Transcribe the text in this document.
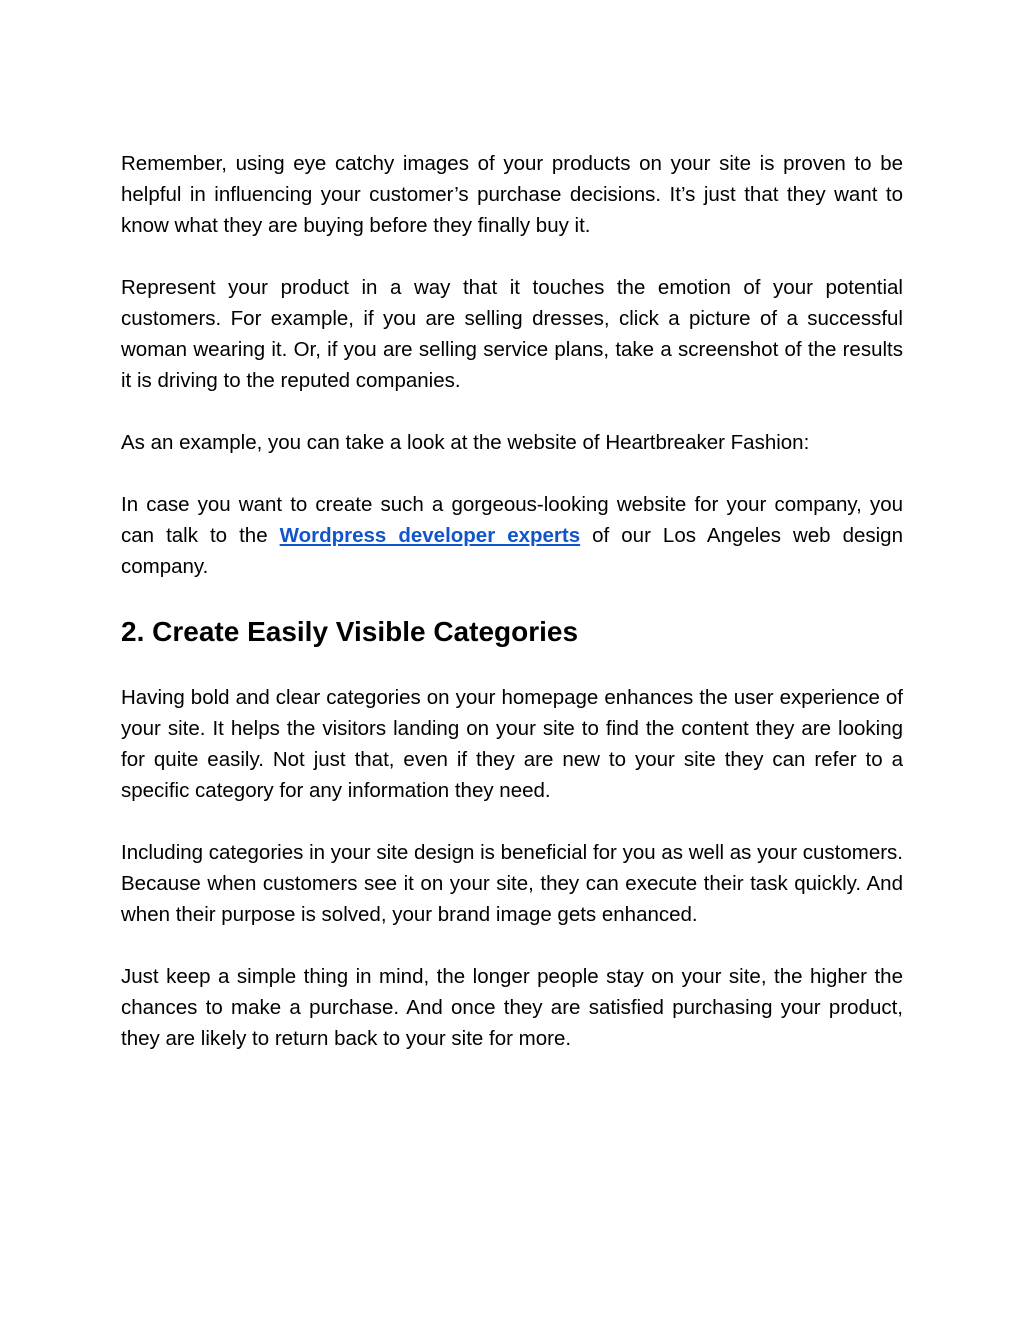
Remember, using eye catchy images of your products on your site is proven to be helpful in influencing your customer’s purchase decisions. It’s just that they want to know what they are buying before they finally buy it.

Represent your product in a way that it touches the emotion of your potential customers. For example, if you are selling dresses, click a picture of a successful woman wearing it. Or, if you are selling service plans, take a screenshot of the results it is driving to the reputed companies.

As an example, you can take a look at the website of Heartbreaker Fashion:

In case you want to create such a gorgeous-looking website for your company, you can talk to the Wordpress developer experts of our Los Angeles web design company.

2. Create Easily Visible Categories

Having bold and clear categories on your homepage enhances the user experience of your site. It helps the visitors landing on your site to find the content they are looking for quite easily. Not just that, even if they are new to your site they can refer to a specific category for any information they need.

Including categories in your site design is beneficial for you as well as your customers. Because when customers see it on your site, they can execute their task quickly. And when their purpose is solved, your brand image gets enhanced.

Just keep a simple thing in mind, the longer people stay on your site, the higher the chances to make a purchase. And once they are satisfied purchasing your product, they are likely to return back to your site for more.
